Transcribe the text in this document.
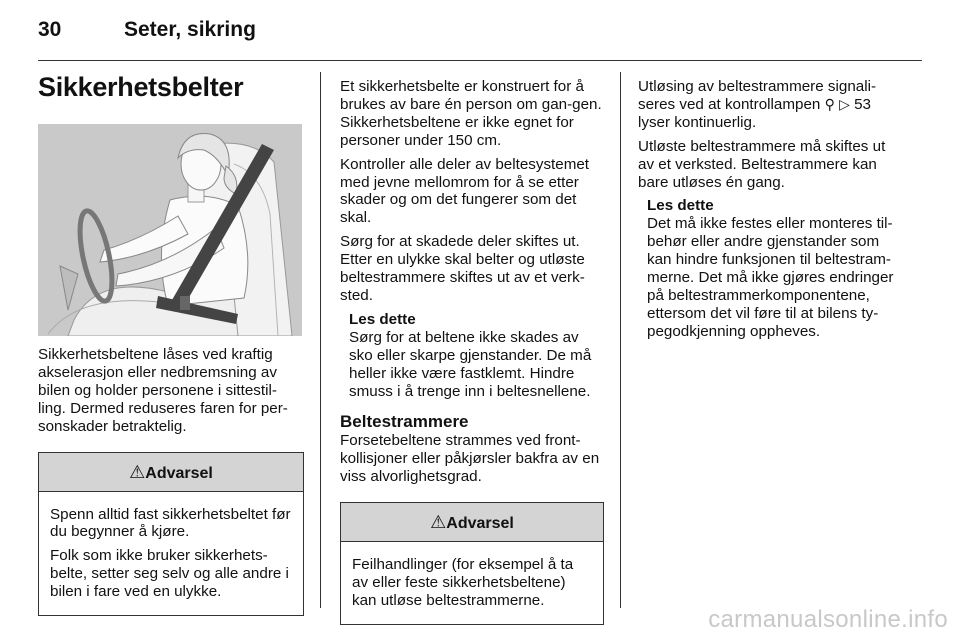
30	Seter, sikring
Sikkerhetsbelter

Sikkerhetsbeltene låses ved kraftig akselerasjon eller nedbremsning av bilen og holder personene i sittestil-ling. Dermed reduseres faren for per-sonskader betraktelig.

⚠Advarsel

Spenn alltid fast sikkerhetsbeltet før du begynner å kjøre.

Folk som ikke bruker sikkerhets-belte, setter seg selv og alle andre i bilen i fare ved en ulykke.

Et sikkerhetsbelte er konstruert for å brukes av bare én person om gan-gen. Sikkerhetsbeltene er ikke egnet for personer under 150 cm.

Kontroller alle deler av beltesystemet med jevne mellomrom for å se etter skader og om det fungerer som det skal.

Sørg for at skadede deler skiftes ut. Etter en ulykke skal belter og utløste beltestrammere skiftes ut av et verk-sted.

Les dette
Sørg for at beltene ikke skades av sko eller skarpe gjenstander. De må heller ikke være fastklemt. Hindre smuss i å trenge inn i beltesnellene.
Beltestrammere

Forsetebeltene strammes ved front-kollisjoner eller påkjørsler bakfra av en viss alvorlighetsgrad.

⚠Advarsel

Feilhandlinger (for eksempel å ta av eller feste sikkerhetsbeltene) kan utløse beltestrammerne.

Utløsing av beltestrammere signali-seres ved at kontrollampen ⚲ ▷ 53 lyser kontinuerlig.

Utløste beltestrammere må skiftes ut av et verksted. Beltestrammere kan bare utløses én gang.

Les dette
Det må ikke festes eller monteres til-behør eller andre gjenstander som kan hindre funksjonen til beltestram-merne. Det må ikke gjøres endringer på beltestrammerkomponentene, ettersom det vil føre til at bilens ty-pegodkjenning oppheves.
carmanualsonline.info
